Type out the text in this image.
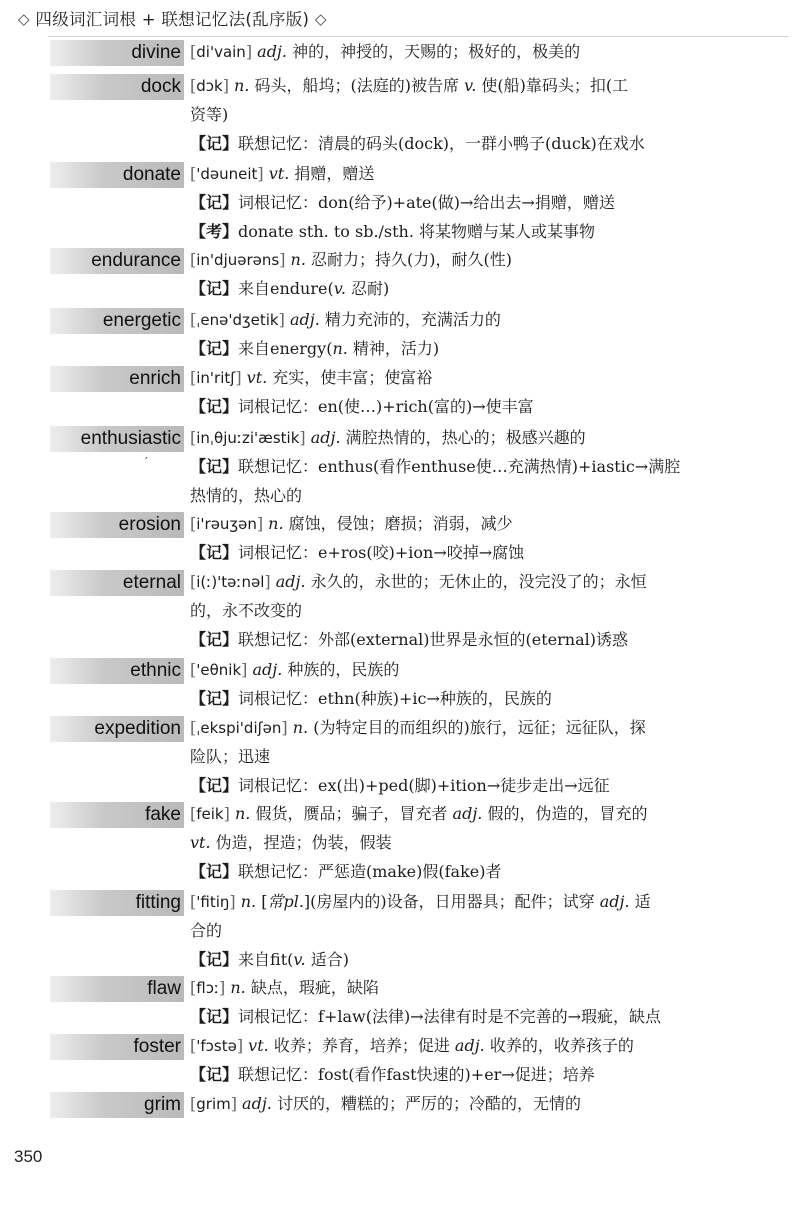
◇ 四级词汇词根 + 联想记忆法(乱序版) ◇
divine [di'vain] adj. 神的，神授的，天赐的；极好的，极美的
dock [dɔk] n. 码头，船坞；(法庭的)被告席 v. 使(船)靠码头；扣(工
资等)
【记】联想记忆：清晨的码头(dock)，一群小鸭子(duck)在戏水
donate ['dəuneit] vt. 捐赠，赠送
【记】词根记忆：don(给予)+ate(做)→给出去→捐赠，赠送
【考】donate sth. to sb./sth. 将某物赠与某人或某事物
endurance [in'djuərəns] n. 忍耐力；持久(力)，耐久(性)
【记】来自endure(v. 忍耐)
energetic [ˌenə'dʒetik] adj. 精力充沛的，充满活力的
【记】来自energy(n. 精神，活力)
enrich [in'ritʃ] vt. 充实，使丰富；使富裕
【记】词根记忆：en(使…)+rich(富的)→使丰富
enthusiastic [inˌθjuːzi'æstik] adj. 满腔热情的，热心的；极感兴趣的
【记】联想记忆：enthus(看作enthuse使…充满热情)+iastic→满腔
热情的，热心的
erosion [i'rəuʒən] n. 腐蚀，侵蚀；磨损；消弱，减少
【记】词根记忆：e+ros(咬)+ion→咬掉→腐蚀
eternal [i(ː)'təːnəl] adj. 永久的，永世的；无休止的，没完没了的；永恒
的，永不改变的
【记】联想记忆：外部(external)世界是永恒的(eternal)诱惑
ethnic ['eθnik] adj. 种族的，民族的
【记】词根记忆：ethn(种族)+ic→种族的，民族的
expedition [ˌekspi'diʃən] n. (为特定目的而组织的)旅行，远征；远征队，探
险队；迅速
【记】词根记忆：ex(出)+ped(脚)+ition→徒步走出→远征
fake [feik] n. 假货，赝品；骗子，冒充者 adj. 假的，伪造的，冒充的
vt. 伪造，捏造；伪装，假装
【记】联想记忆：严惩造(make)假(fake)者
fitting ['fitiŋ] n. [常pl.](房屋内的)设备，日用器具；配件；试穿 adj. 适
合的
【记】来自fit(v. 适合)
flaw [flɔː] n. 缺点，瑕疵，缺陷
【记】词根记忆：f+law(法律)→法律有时是不完善的→瑕疵，缺点
foster ['fɔstə] vt. 收养；养育，培养；促进 adj. 收养的，收养孩子的
【记】联想记忆：fost(看作fast快速的)+er→促进；培养
grim [grim] adj. 讨厌的，糟糕的；严厉的；冷酷的，无情的
′
350
